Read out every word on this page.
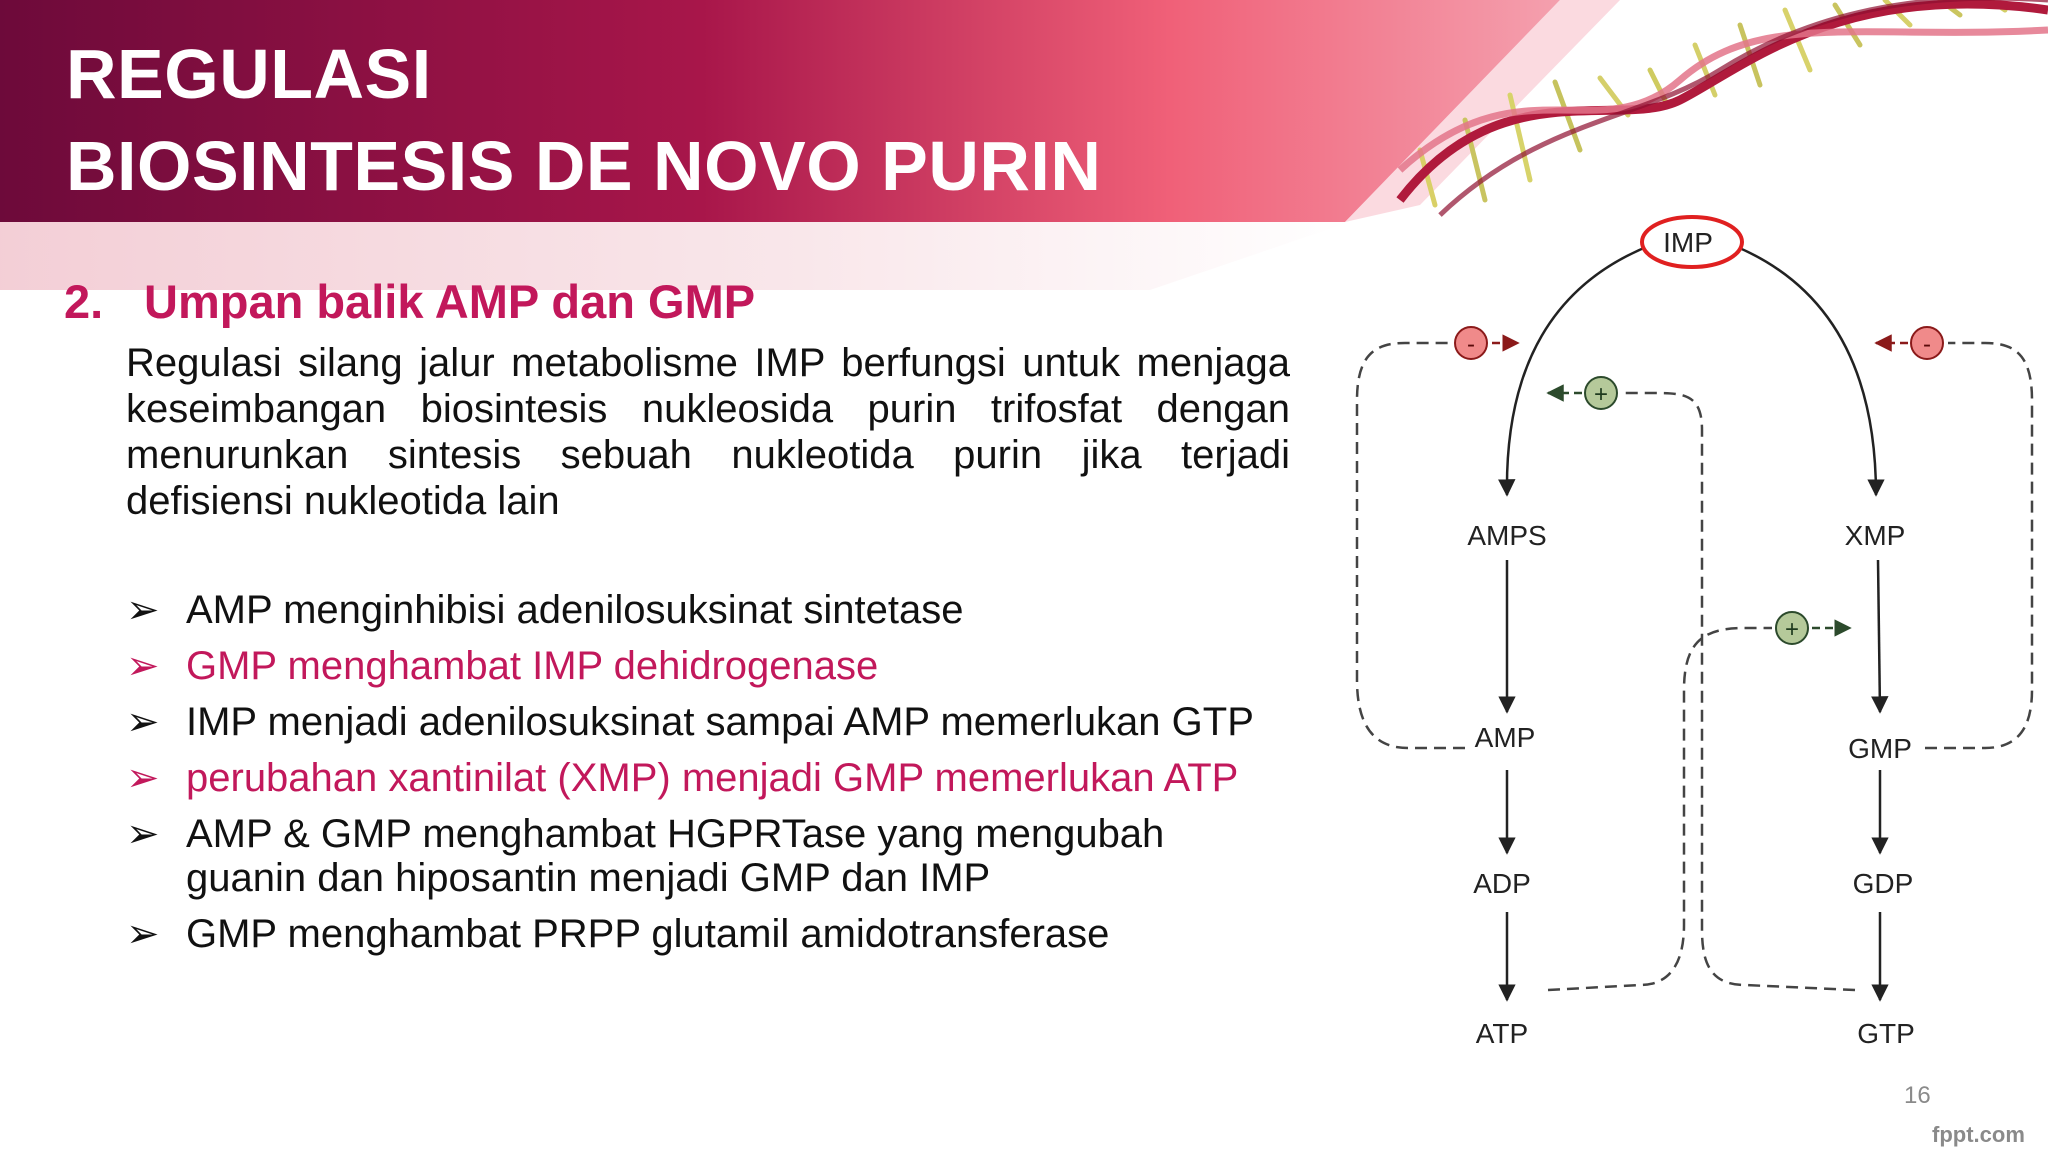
REGULASI
BIOSINTESIS DE NOVO PURIN
2. Umpan balik AMP dan GMP

Regulasi silang jalur metabolisme IMP berfungsi untuk menjaga keseimbangan biosintesis nukleosida purin trifosfat dengan menurunkan sintesis sebuah nukleotida purin jika terjadi defisiensi nukleotida lain

➢ AMP menginhibisi adenilosuksinat sintetase
➢ GMP menghambat IMP dehidrogenase
➢ IMP menjadi adenilosuksinat sampai AMP memerlukan GTP
➢ perubahan xantinilat (XMP) menjadi GMP memerlukan ATP
➢ AMP & GMP menghambat HGPRTase yang mengubah guanin dan hiposantin menjadi GMP dan IMP
➢ GMP menghambat PRPP glutamil amidotransferase
-	-
+
+
IMP
AMPS
AMP
ADP
ATP
XMP
GMP
GDP
GTP
16
fppt.com
